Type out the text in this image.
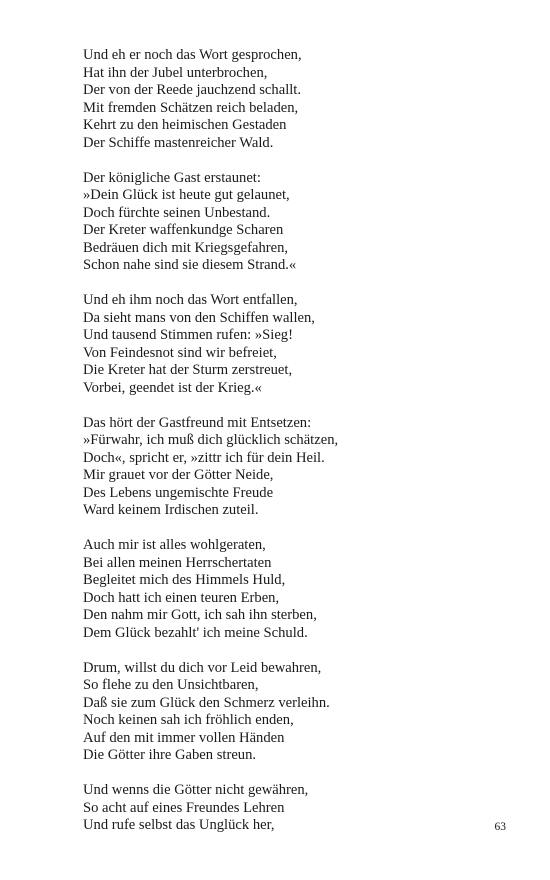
Und eh er noch das Wort gesprochen,
Hat ihn der Jubel unterbrochen,
Der von der Reede jauchzend schallt.
Mit fremden Schätzen reich beladen,
Kehrt zu den heimischen Gestaden
Der Schiffe mastenreicher Wald.
Der königliche Gast erstaunet:
»Dein Glück ist heute gut gelaunet,
Doch fürchte seinen Unbestand.
Der Kreter waffenkundge Scharen
Bedräuen dich mit Kriegsgefahren,
Schon nahe sind sie diesem Strand.«
Und eh ihm noch das Wort entfallen,
Da sieht mans von den Schiffen wallen,
Und tausend Stimmen rufen: »Sieg!
Von Feindesnot sind wir befreiet,
Die Kreter hat der Sturm zerstreuet,
Vorbei, geendet ist der Krieg.«
Das hört der Gastfreund mit Entsetzen:
»Fürwahr, ich muß dich glücklich schätzen,
Doch«, spricht er, »zittr ich für dein Heil.
Mir grauet vor der Götter Neide,
Des Lebens ungemischte Freude
Ward keinem Irdischen zuteil.
Auch mir ist alles wohlgeraten,
Bei allen meinen Herrschertaten
Begleitet mich des Himmels Huld,
Doch hatt ich einen teuren Erben,
Den nahm mir Gott, ich sah ihn sterben,
Dem Glück bezahlt' ich meine Schuld.
Drum, willst du dich vor Leid bewahren,
So flehe zu den Unsichtbaren,
Daß sie zum Glück den Schmerz verleihn.
Noch keinen sah ich fröhlich enden,
Auf den mit immer vollen Händen
Die Götter ihre Gaben streun.
Und wenns die Götter nicht gewähren,
So acht auf eines Freundes Lehren
Und rufe selbst das Unglück her,	63
